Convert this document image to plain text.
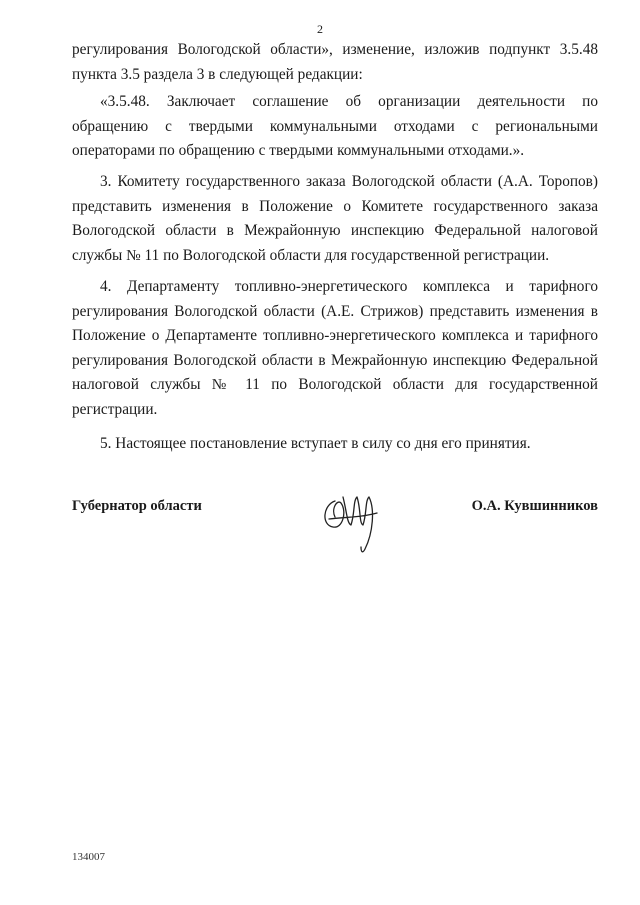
2

регулирования Вологодской области», изменение, изложив подпункт 3.5.48 пункта 3.5 раздела 3 в следующей редакции:

«3.5.48. Заключает соглашение об организации деятельности по обращению с твердыми коммунальными отходами с региональными операторами по обращению с твердыми коммунальными отходами.».

3. Комитету государственного заказа Вологодской области (А.А. Торопов) представить изменения в Положение о Комитете государственного заказа Вологодской области в Межрайонную инспекцию Федеральной налоговой службы № 11 по Вологодской области для государственной регистрации.

4. Департаменту топливно-энергетического комплекса и тарифного регулирования Вологодской области (А.Е. Стрижов) представить изменения в Положение о Департаменте топливно-энергетического комплекса и тарифного регулирования Вологодской области в Межрайонную инспекцию Федеральной налоговой службы № 11 по Вологодской области для государственной регистрации.

5. Настоящее постановление вступает в силу со дня его принятия.

Губернатор области	О.А. Кувшинников
134007
